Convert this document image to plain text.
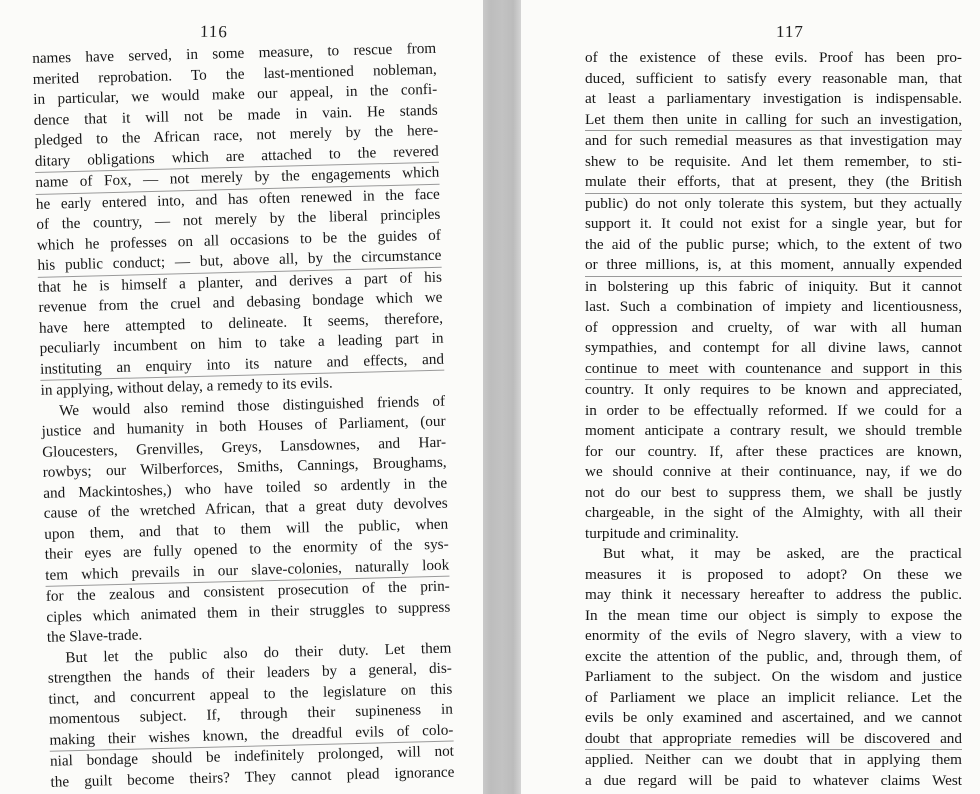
116
names have served, in some measure, to rescue from
merited reprobation. To the last-mentioned nobleman,
in particular, we would make our appeal, in the confi-
dence that it will not be made in vain. He stands
pledged to the African race, not merely by the here-
ditary obligations which are attached to the revered
name of Fox, — not merely by the engagements which
he early entered into, and has often renewed in the face
of the country, — not merely by the liberal principles
which he professes on all occasions to be the guides of
his public conduct; — but, above all, by the circumstance
that he is himself a planter, and derives a part of his
revenue from the cruel and debasing bondage which we
have here attempted to delineate. It seems, therefore,
peculiarly incumbent on him to take a leading part in
instituting an enquiry into its nature and effects, and
in applying, without delay, a remedy to its evils.
We would also remind those distinguished friends of
justice and humanity in both Houses of Parliament, (our
Gloucesters, Grenvilles, Greys, Lansdownes, and Har-
rowbys; our Wilberforces, Smiths, Cannings, Broughams,
and Mackintoshes,) who have toiled so ardently in the
cause of the wretched African, that a great duty devolves
upon them, and that to them will the public, when
their eyes are fully opened to the enormity of the sys-
tem which prevails in our slave-colonies, naturally look
for the zealous and consistent prosecution of the prin-
ciples which animated them in their struggles to suppress
the Slave-trade.
But let the public also do their duty. Let them
strengthen the hands of their leaders by a general, dis-
tinct, and concurrent appeal to the legislature on this
momentous subject. If, through their supineness in
making their wishes known, the dreadful evils of colo-
nial bondage should be indefinitely prolonged, will not
the guilt become theirs? They cannot plead ignorance
117
of the existence of these evils. Proof has been pro-
duced, sufficient to satisfy every reasonable man, that
at least a parliamentary investigation is indispensable.
Let them then unite in calling for such an investigation,
and for such remedial measures as that investigation may
shew to be requisite. And let them remember, to sti-
mulate their efforts, that at present, they (the British
public) do not only tolerate this system, but they actually
support it. It could not exist for a single year, but for
the aid of the public purse; which, to the extent of two
or three millions, is, at this moment, annually expended
in bolstering up this fabric of iniquity. But it cannot
last. Such a combination of impiety and licentiousness,
of oppression and cruelty, of war with all human
sympathies, and contempt for all divine laws, cannot
continue to meet with countenance and support in this
country. It only requires to be known and appreciated,
in order to be effectually reformed. If we could for a
moment anticipate a contrary result, we should tremble
for our country. If, after these practices are known,
we should connive at their continuance, nay, if we do
not do our best to suppress them, we shall be justly
chargeable, in the sight of the Almighty, with all their
turpitude and criminality.
But what, it may be asked, are the practical
measures it is proposed to adopt? On these we
may think it necessary hereafter to address the public.
In the mean time our object is simply to expose the
enormity of the evils of Negro slavery, with a view to
excite the attention of the public, and, through them, of
Parliament to the subject. On the wisdom and justice
of Parliament we place an implicit reliance. Let the
evils be only examined and ascertained, and we cannot
doubt that appropriate remedies will be discovered and
applied. Neither can we doubt that in applying them
a due regard will be paid to whatever claims West
